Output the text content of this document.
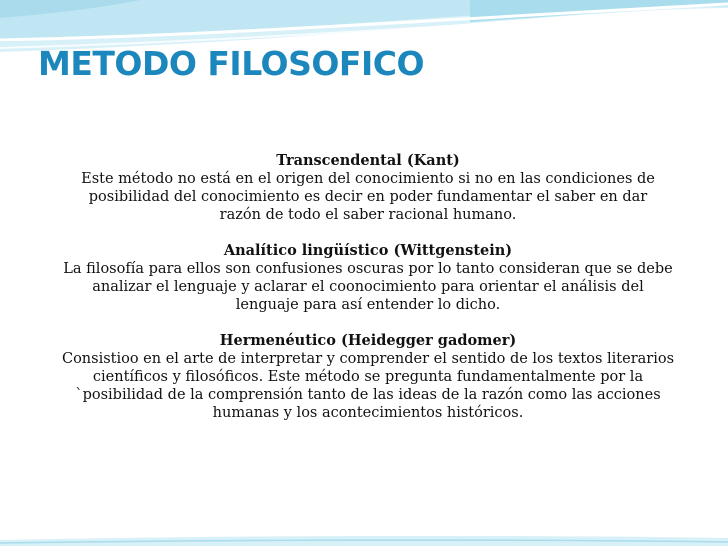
METODO FILOSOFICO

Transcendental (Kant)

Este método no está en el origen del conocimiento si no en las condiciones de
posibilidad del conocimiento es decir en poder fundamentar el saber en dar
razón de todo el saber racional humano.

Analítico lingüístico (Wittgenstein)

La filosofía para ellos son confusiones oscuras por lo tanto consideran que se debe
analizar el lenguaje y aclarar el coonocimiento para orientar el análisis del
lenguaje para así entender lo dicho.

Hermenéutico (Heidegger gadomer)

Consistioo en el arte de interpretar y comprender el sentido de los textos literarios
científicos y filosóficos. Este método se pregunta fundamentalmente por la
`posibilidad de la comprensión tanto de las ideas de la razón como las acciones
humanas y los acontecimientos históricos.
